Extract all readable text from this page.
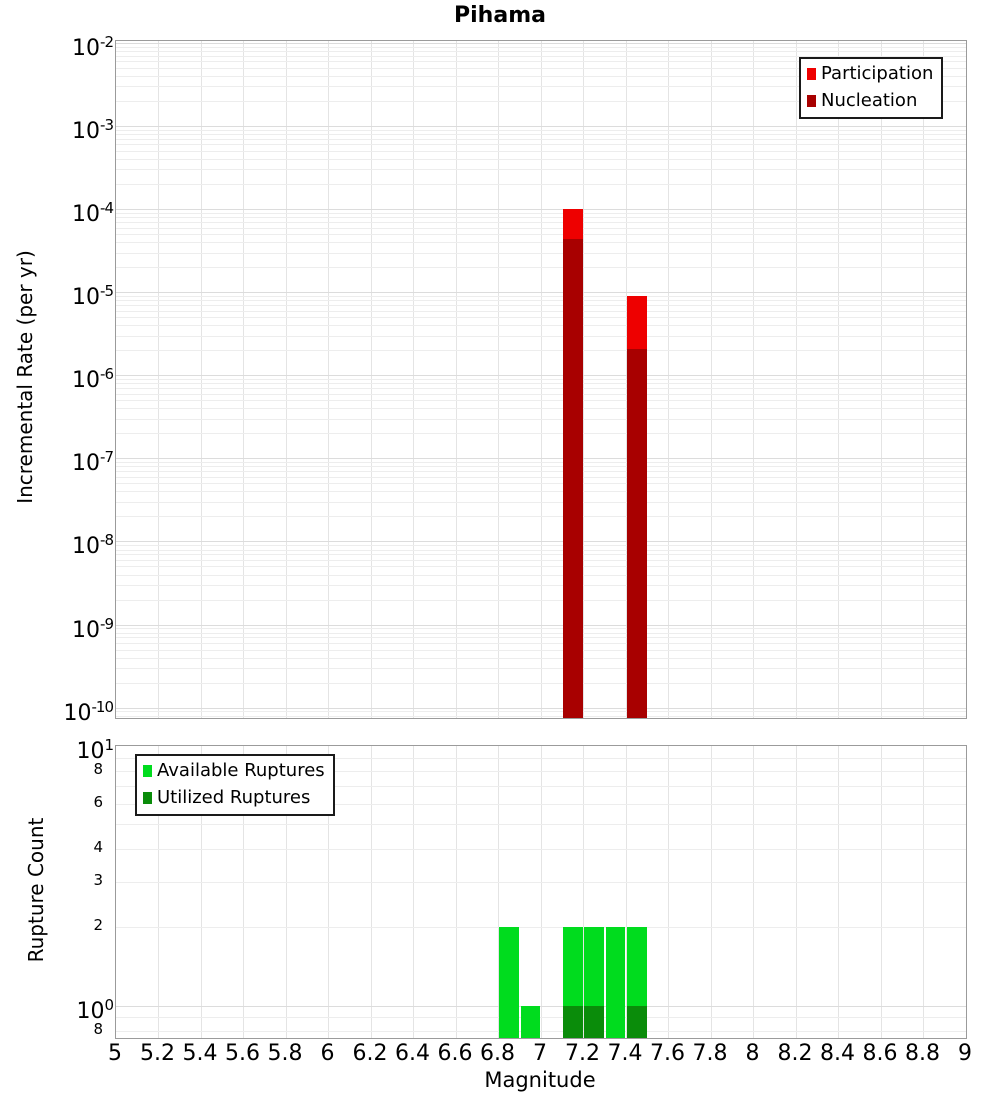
Pihama
Incremental Rate (per yr)
Rupture Count
Magnitude
$10^{-2}$
$10^{-3}$
$10^{-4}$
$10^{-5}$
$10^{-6}$
$10^{-7}$
$10^{-8}$
$10^{-9}$
$10^{-10}$
Participation
Nucleation
$10^1$
8
6
4
3
2
$10^0$
8
Available Ruptures
Utilized Ruptures
5 5.2 5.4 5.6 5.8 6 6.2 6.4 6.6 6.8 7 7.2 7.4 7.6 7.8 8 8.2 8.4 8.6 8.8 9
